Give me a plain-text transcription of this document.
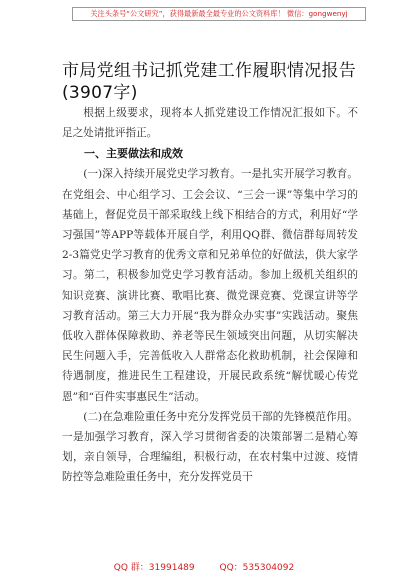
关注头条号“公文研究”，获得最新最全最专业的公文资料库！ 微信：gongwenyj
市局党组书记抓党建工作履职情况报告
(3907字)

根据上级要求，现将本人抓党建设工作情况汇报如下。不足之处请批评指正。

一、主要做法和成效

(一)深入持续开展党史学习教育。一是扎实开展学习教育。在党组会、中心组学习、工会会议、“三会一课”等集中学习的基础上，督促党员干部采取线上线下相结合的方式，利用好“学习强国”等APP等载体开展自学，利用QQ群、微信群每周转发2-3篇党史学习教育的优秀文章和兄弟单位的好做法，供大家学习。第二，积极参加党史学习教育活动。参加上级机关组织的知识竞赛、演讲比赛、歌唱比赛、微党课竞赛、党课宣讲等学习教育活动。第三大力开展“我为群众办实事”实践活动。聚焦低收入群体保障救助、养老等民生领域突出问题，从切实解决民生问题入手，完善低收入人群常态化救助机制，社会保障和待遇制度，推进民生工程建设，开展民政系统“解忧暖心传党恩”和“百件实事惠民生”活动。

(二)在急难险重任务中充分发挥党员干部的先锋模范作用。一是加强学习教育，深入学习贯彻省委的决策部署二是精心筹划，亲自领导，合理编组，积极行动，在农村集中过渡、疫情防控等急难险重任务中，充分发挥党员干

QQ 群：31991489	QQ：535304092
